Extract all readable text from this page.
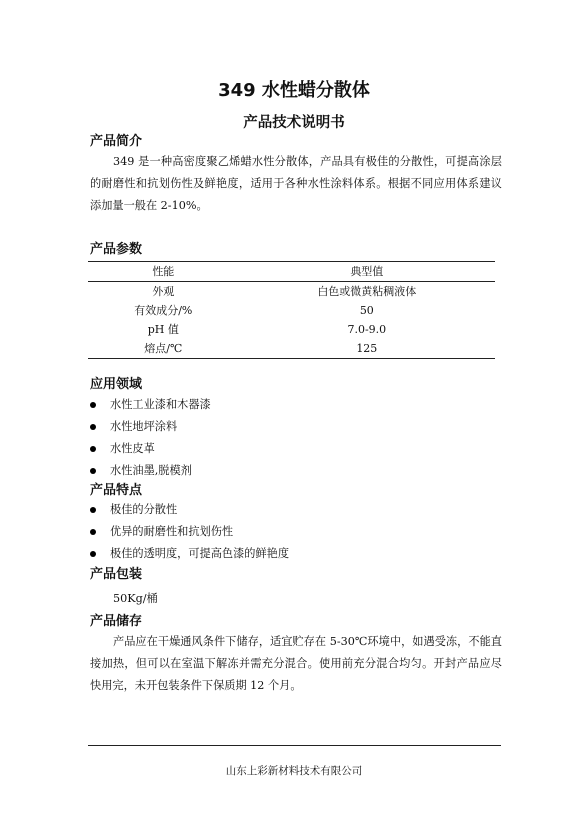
349 水性蜡分散体
产品技术说明书
产品简介
349 是一种高密度聚乙烯蜡水性分散体，产品具有极佳的分散性，可提高涂层的耐磨性和抗划伤性及鲜艳度，适用于各种水性涂料体系。根据不同应用体系建议添加量一般在 2-10%。
产品参数
性能	典型值
外观	白色或微黄粘稠液体
有效成分/%	50
pH 值	7.0-9.0
熔点/℃	125
应用领域
水性工业漆和木器漆
水性地坪涂料
水性皮革
水性油墨,脱模剂
产品特点
极佳的分散性
优异的耐磨性和抗划伤性
极佳的透明度，可提高色漆的鲜艳度
产品包装
50Kg/桶
产品储存
产品应在干燥通风条件下储存，适宜贮存在 5-30℃环境中，如遇受冻，不能直接加热，但可以在室温下解冻并需充分混合。使用前充分混合均匀。开封产品应尽快用完，未开包装条件下保质期 12 个月。
山东上彩新材料技术有限公司
